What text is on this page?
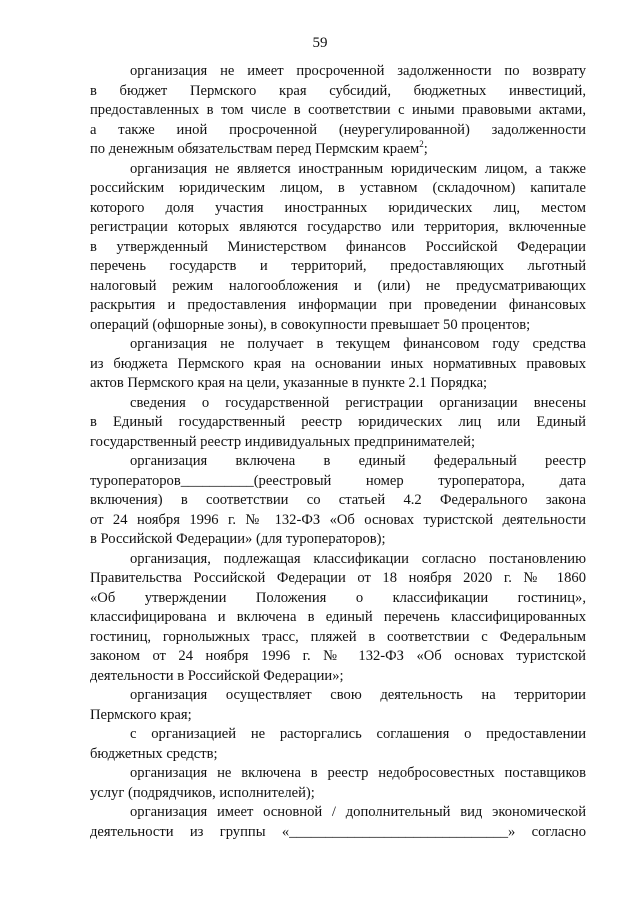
59

организация не имеет просроченной задолженности по возврату
в бюджет Пермского края субсидий, бюджетных инвестиций,
предоставленных в том числе в соответствии с иными правовыми актами,
а также иной просроченной (неурегулированной) задолженности
по денежным обязательствам перед Пермским краем$^2$;

организация не является иностранным юридическим лицом, а также
российским юридическим лицом, в уставном (складочном) капитале
которого доля участия иностранных юридических лиц, местом
регистрации которых являются государство или территория, включенные
в утвержденный Министерством финансов Российской Федерации
перечень государств и территорий, предоставляющих льготный
налоговый режим налогообложения и (или) не предусматривающих
раскрытия и предоставления информации при проведении финансовых
операций (офшорные зоны), в совокупности превышает 50 процентов;

организация не получает в текущем финансовом году средства
из бюджета Пермского края на основании иных нормативных правовых
актов Пермского края на цели, указанные в пункте 2.1 Порядка;

сведения о государственной регистрации организации внесены
в Единый государственный реестр юридических лиц или Единый
государственный реестр индивидуальных предпринимателей;

организация включена в единый федеральный реестр
туроператоров__________(реестровый номер туроператора, дата
включения) в соответствии со статьей 4.2 Федерального закона
от 24 ноября 1996 г. № 132-ФЗ «Об основах туристской деятельности
в Российской Федерации» (для туроператоров);

организация, подлежащая классификации согласно постановлению
Правительства Российской Федерации от 18 ноября 2020 г. № 1860
«Об утверждении Положения о классификации гостиниц»,
классифицирована и включена в единый перечень классифицированных
гостиниц, горнолыжных трасс, пляжей в соответствии с Федеральным
законом от 24 ноября 1996 г. № 132-ФЗ «Об основах туристской
деятельности в Российской Федерации»;

организация осуществляет свою деятельность на территории
Пермского края;

с организацией не расторгались соглашения о предоставлении
бюджетных средств;

организация не включена в реестр недобросовестных поставщиков
услуг (подрядчиков, исполнителей);

организация имеет основной / дополнительный вид экономической
деятельности из группы «______________________________» согласно
